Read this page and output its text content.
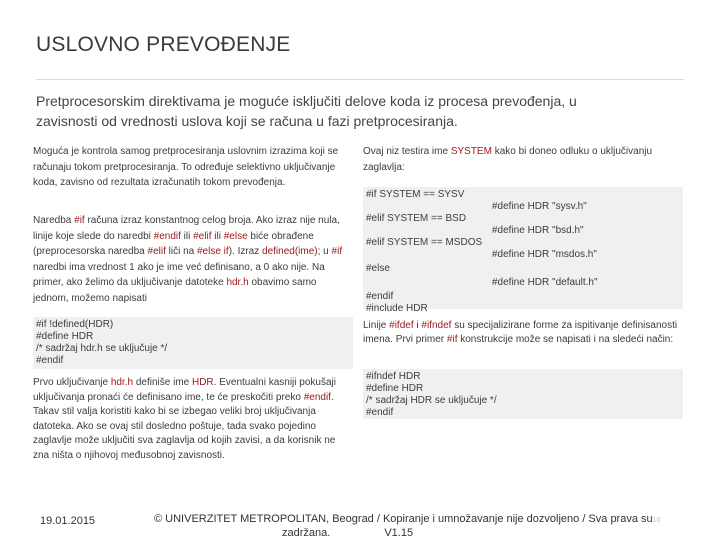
USLOVNO PREVOĐENJE
Pretprocesorskim direktivama je moguće isključiti delove koda iz procesa prevođenja, u zavisnosti od vrednosti uslova koji se računa u fazi pretprocesiranja.
Moguća je kontrola samog pretprocesiranja uslovnim izrazima koji se računaju tokom pretprocesiranja. To određuje selektivno uključivanje koda, zavisno od rezultata izračunatih tokom prevođenja.
Naredba #if računa izraz konstantnog celog broja. Ako izraz nije nula, linije koje slede do naredbi #endif ili #elif ili #else biće obrađene (preprocesorska naredba #elif liči na #else if). Izraz defined(ime); u #if naredbi ima vrednost 1 ako je ime već definisano, a 0 ako nije. Na primer, ako želimo da uključivanje datoteke hdr.h obavimo samo jednom, možemo napisati
#if !defined(HDR)
#define HDR
/* sadržaj hdr.h se uključuje */
#endif
Prvo uključivanje hdr.h definiše ime HDR. Eventualni kasniji pokušaji uključivanja pronaći će definisano ime, te će preskočiti preko #endif. Takav stil valja koristiti kako bi se izbegao veliki broj uključivanja datoteka. Ako se ovaj stil dosledno poštuje, tada svako pojedino zaglavlje može uključiti sva zaglavlja od kojih zavisi, a da korisnik ne zna ništa o njihovoj međusobnoj zavisnosti.
Ovaj niz testira ime SYSTEM kako bi doneo odluku o uključivanju zaglavlja:
#if SYSTEM == SYSV
#define HDR "sysv.h"
#elif SYSTEM == BSD
#define HDR "bsd.h"
#elif SYSTEM == MSDOS
#define HDR "msdos.h"
#else
#define HDR "default.h"
#endif
#include HDR
Linije #ifdef i #ifndef su specijalizirane forme za ispitivanje definisanosti imena. Prvi primer #if konstrukcije može se napisati i na sledeći način:
#ifndef HDR
#define HDR
/* sadržaj HDR se uključuje */
#endif
19.01.2015	© UNIVERZITET METROPOLITAN, Beograd / Kopiranje i umnožavanje nije dozvoljeno / Sva prava su10
zadržana.	V1.15
